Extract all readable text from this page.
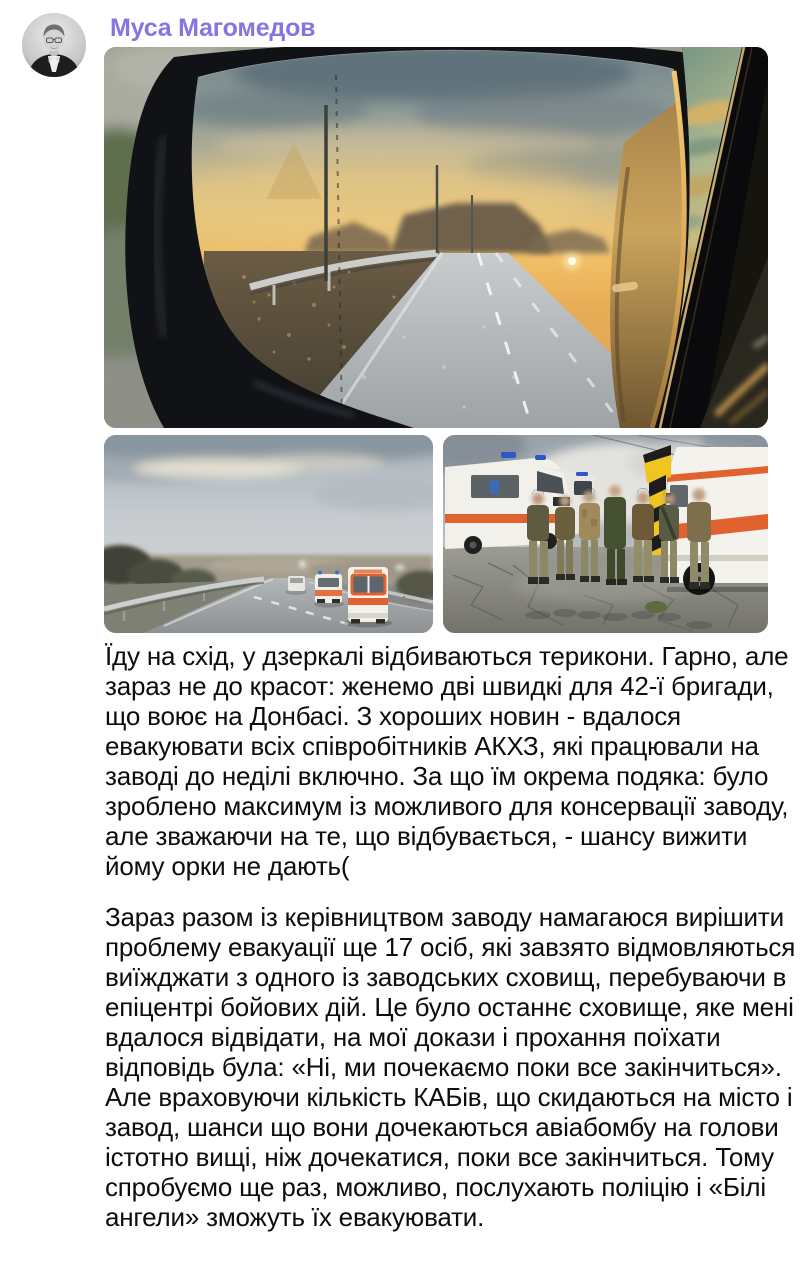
Муса Магомедов

Їду на схід, у дзеркалі відбиваються терикони. Гарно, але зараз не до красот: женемо дві швидкі для 42-ї бригади, що воює на Донбасі. З хороших новин - вдалося евакуювати всіх співробітників АКХЗ, які працювали на заводі до неділі включно. За що їм окрема подяка: було зроблено максимум із можливого для консервації заводу, але зважаючи на те, що відбувається, - шансу вижити йому орки не дають(

Зараз разом із керівництвом заводу намагаюся вирішити проблему евакуації ще 17 осіб, які завзято відмовляються виїжджати з одного із заводських сховищ, перебуваючи в епіцентрі бойових дій. Це було останнє сховище, яке мені вдалося відвідати, на мої докази і прохання поїхати відповідь була: «Ні, ми почекаємо поки все закінчиться». Але враховуючи кількість КАБів, що скидаються на місто і завод, шанси що вони дочекаються авіабомбу на голови істотно вищі, ніж дочекатися, поки все закінчиться. Тому спробуємо ще раз, можливо, послухають поліцію і «Білі ангели» зможуть їх евакуювати.
